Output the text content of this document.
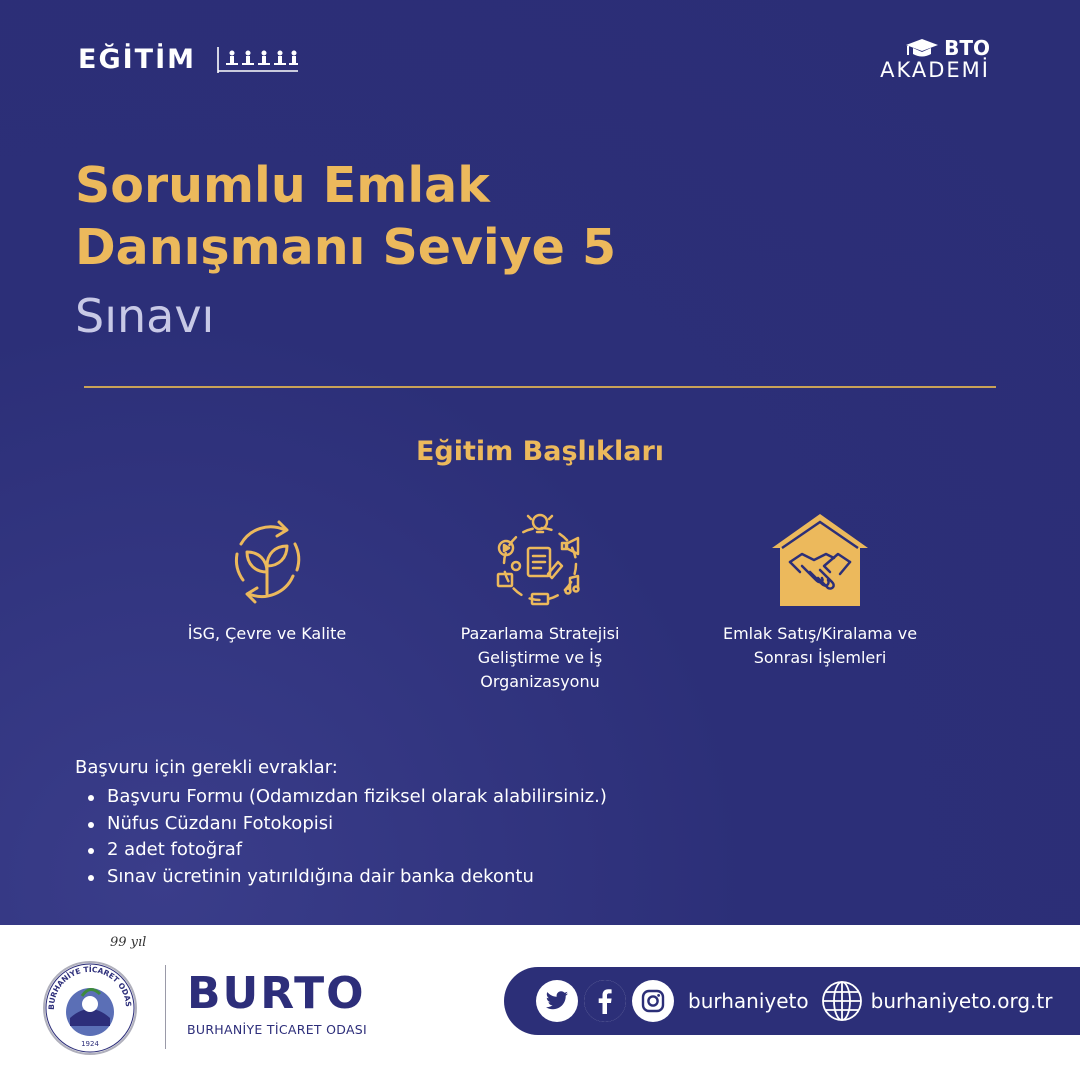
EĞİTİM	BTO
AKADEMİ
Sorumlu Emlak
Danışmanı Seviye 5
Sınavı
Eğitim Başlıkları
İSG, Çevre ve Kalite	Pazarlama Stratejisi Geliştirme ve İş Organizasyonu
Emlak Satış/Kiralama ve Sonrası İşlemleri
Başvuru için gerekli evraklar:
Başvuru Formu (Odamızdan fiziksel olarak alabilirsiniz.)
Nüfus Cüzdanı Fotokopisi
2 adet fotoğraf
Sınav ücretinin yatırıldığına dair banka dekontu
99 yıl
BURHANİYE TİCARET ODAS
1924
BURTO
BURHANİYE TİCARET ODASI
burhaniyeto	burhaniyeto.org.tr
